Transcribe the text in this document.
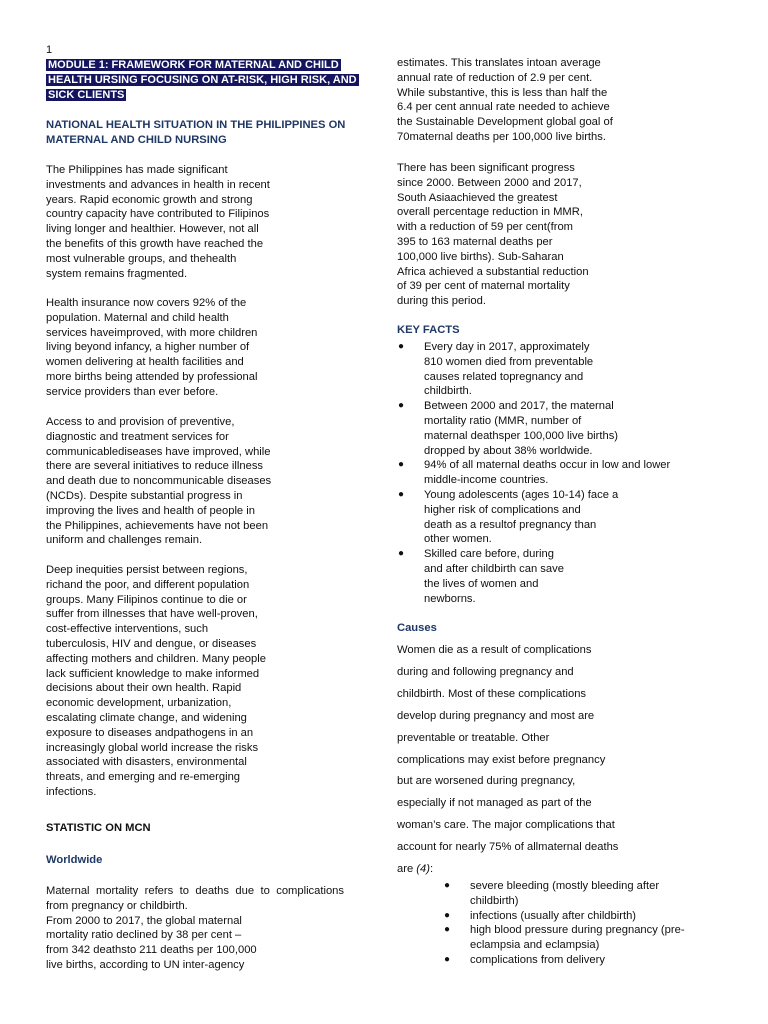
1
MODULE 1: FRAMEWORK FOR MATERNAL AND CHILD
HEALTH URSING FOCUSING ON AT-RISK, HIGH RISK, AND
SICK CLIENTS
NATIONAL HEALTH SITUATION IN THE PHILIPPINES ON
MATERNAL AND CHILD NURSING
The Philippines has made significant
investments and advances in health in recent
years. Rapid economic growth and strong
country capacity have contributed to Filipinos
living longer and healthier. However, not all
the benefits of this growth have reached the
most vulnerable groups, and thehealth
system remains fragmented.
Health insurance now covers 92% of the
population. Maternal and child health
services haveimproved, with more children
living beyond infancy, a higher number of
women delivering at health facilities and
more births being attended by professional
service providers than ever before.
Access to and provision of preventive,
diagnostic and treatment services for
communicablediseases have improved, while
there are several initiatives to reduce illness
and death due to noncommunicable diseases
(NCDs). Despite substantial progress in
improving the lives and health of people in
the Philippines, achievements have not been
uniform and challenges remain.
Deep inequities persist between regions,
richand the poor, and different population
groups. Many Filipinos continue to die or
suffer from illnesses that have well-proven,
cost-effective interventions, such
tuberculosis, HIV and dengue, or diseases
affecting mothers and children. Many people
lack sufficient knowledge to make informed
decisions about their own health. Rapid
economic development, urbanization,
escalating climate change, and widening
exposure to diseases andpathogens in an
increasingly global world increase the risks
associated with disasters, environmental
threats, and emerging and re-emerging
infections.
STATISTIC ON MCN
Worldwide
Maternal mortality refers to deaths due to complications
from pregnancy or childbirth.
From 2000 to 2017, the global maternal
mortality ratio declined by 38 per cent –
from 342 deathsto 211 deaths per 100,000
live births, according to UN inter-agency
estimates. This translates intoan average
annual rate of reduction of 2.9 per cent.
While substantive, this is less than half the
6.4 per cent annual rate needed to achieve
the Sustainable Development global goal of
70maternal deaths per 100,000 live births.
There has been significant progress
since 2000. Between 2000 and 2017,
South Asiaachieved the greatest
overall percentage reduction in MMR,
with a reduction of 59 per cent(from
395 to 163 maternal deaths per
100,000 live births). Sub-Saharan
Africa achieved a substantial reduction
of 39 per cent of maternal mortality
during this period.
KEY FACTS
● Every day in 2017, approximately
810 women died from preventable
causes related topregnancy and
childbirth.
● Between 2000 and 2017, the maternal
mortality ratio (MMR, number of
maternal deathsper 100,000 live births)
dropped by about 38% worldwide.
● 94% of all maternal deaths occur in low and lower
middle-income countries.
● Young adolescents (ages 10-14) face a
higher risk of complications and
death as a resultof pregnancy than
other women.
● Skilled care before, during
and after childbirth can save
the lives of women and
newborns.
Causes
Women die as a result of complications
during and following pregnancy and
childbirth. Most of these complications
develop during pregnancy and most are
preventable or treatable. Other
complications may exist before pregnancy
but are worsened during pregnancy,
especially if not managed as part of the
woman’s care. The major complications that
account for nearly 75% of allmaternal deaths
are (4):
● severe bleeding (mostly bleeding after
childbirth)
● infections (usually after childbirth)
● high blood pressure during pregnancy (pre-
eclampsia and eclampsia)
● complications from delivery
